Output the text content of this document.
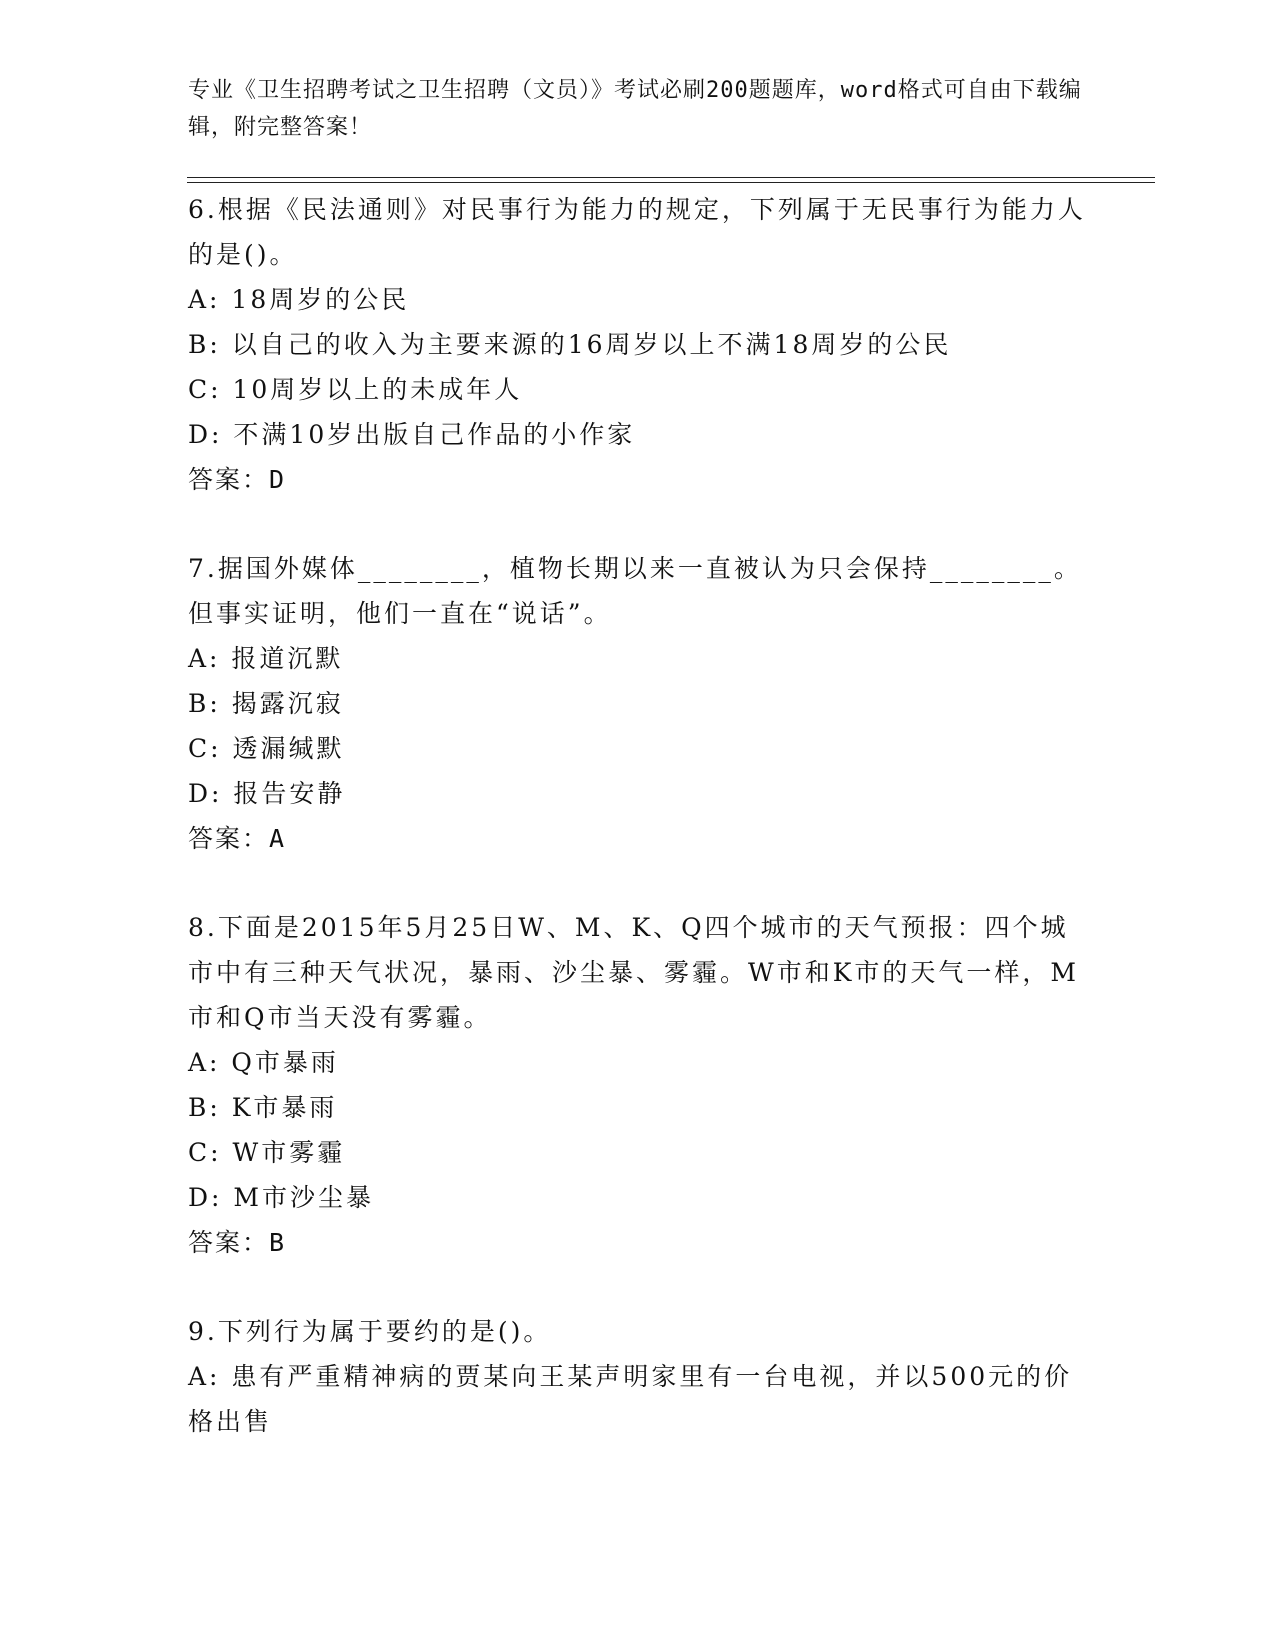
专业《卫生招聘考试之卫生招聘（文员）》考试必刷200题题库，word格式可自由下载编辑，附完整答案！
6.根据《民法通则》对民事行为能力的规定，下列属于无民事行为能力人的是()。
A: 18周岁的公民
B: 以自己的收入为主要来源的16周岁以上不满18周岁的公民
C: 10周岁以上的未成年人
D: 不满10岁出版自己作品的小作家
答案：D
7.据国外媒体________，植物长期以来一直被认为只会保持________。但事实证明，他们一直在“说话”。
A: 报道沉默
B: 揭露沉寂
C: 透漏缄默
D: 报告安静
答案：A
8.下面是2015年5月25日W、M、K、Q四个城市的天气预报：四个城市中有三种天气状况，暴雨、沙尘暴、雾霾。W市和K市的天气一样，M市和Q市当天没有雾霾。
A: Q市暴雨
B: K市暴雨
C: W市雾霾
D: M市沙尘暴
答案：B
9.下列行为属于要约的是()。
A: 患有严重精神病的贾某向王某声明家里有一台电视，并以500元的价格出售
